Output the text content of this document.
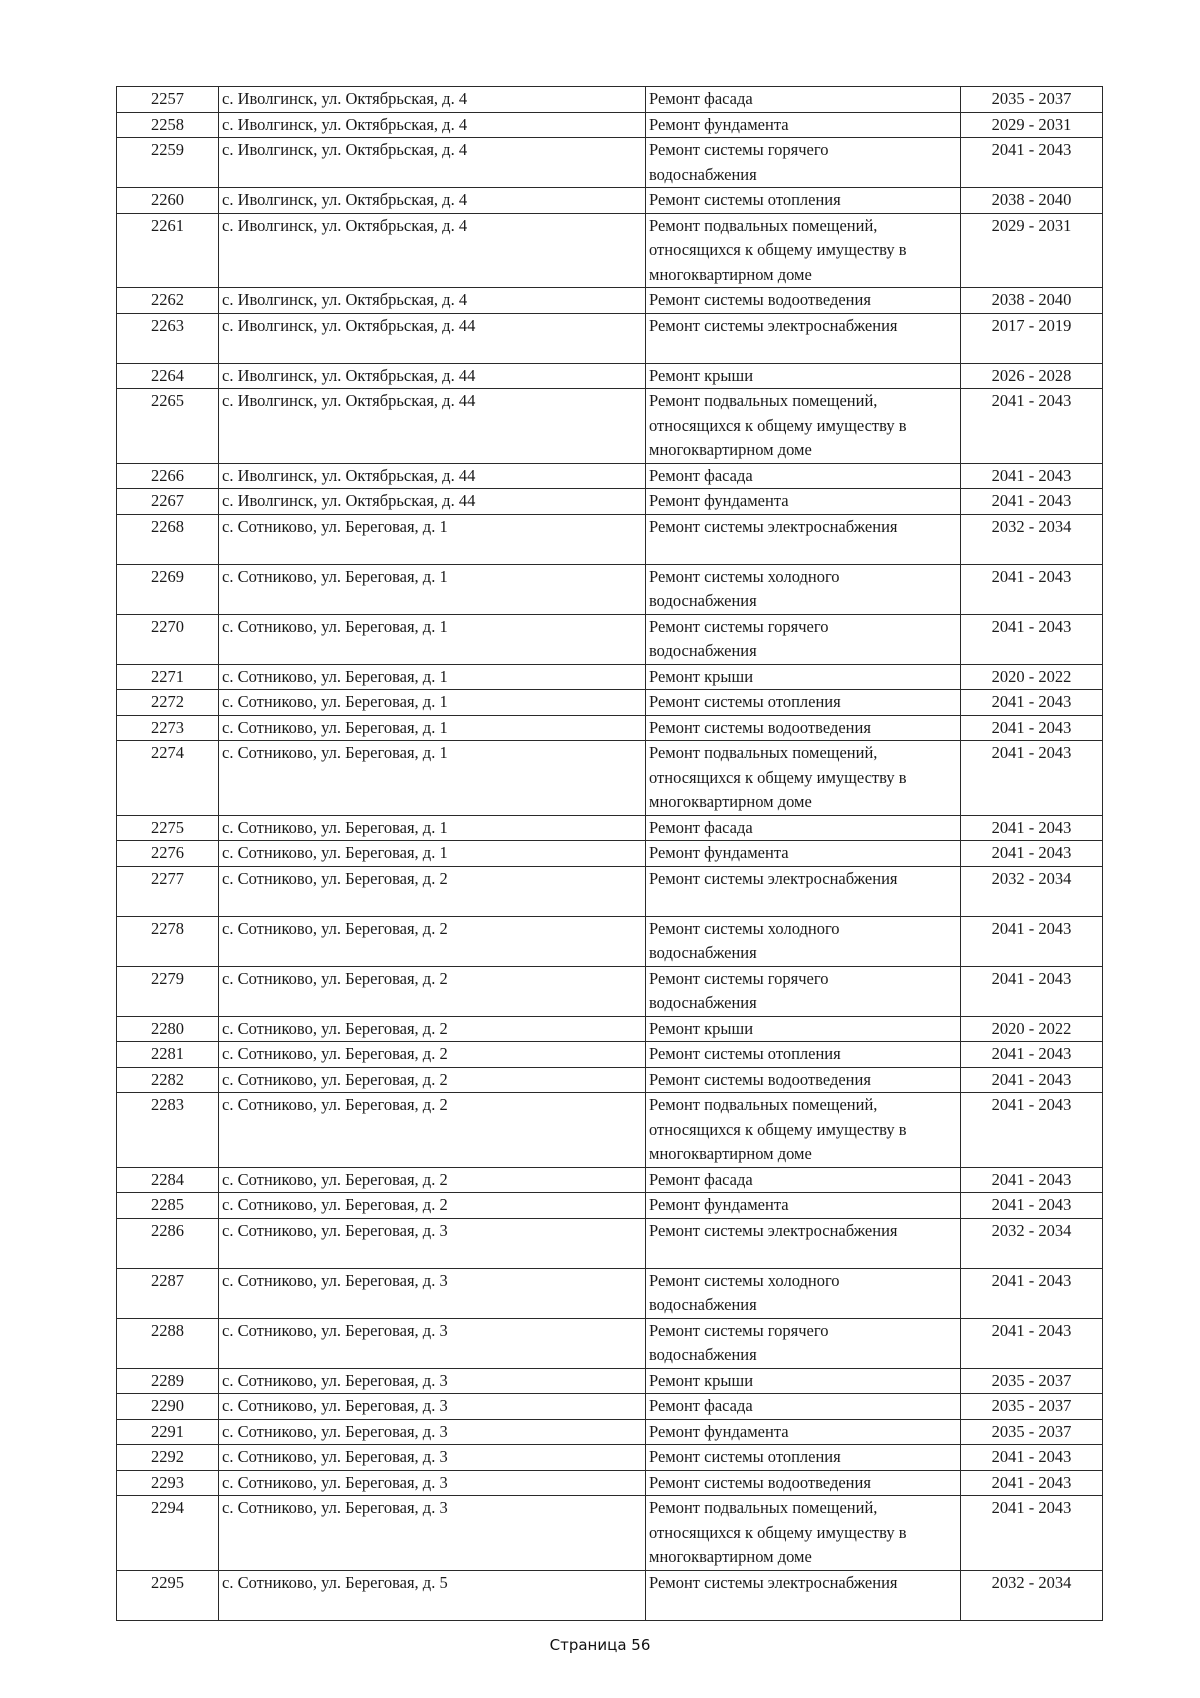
2257	с. Иволгинск, ул. Октябрьская, д. 4	Ремонт фасада	2035 - 2037
2258	с. Иволгинск, ул. Октябрьская, д. 4	Ремонт фундамента	2029 - 2031
2259	с. Иволгинск, ул. Октябрьская, д. 4	Ремонт системы горячего
водоснабжения	2041 - 2043
2260	с. Иволгинск, ул. Октябрьская, д. 4	Ремонт системы отопления	2038 - 2040
2261	с. Иволгинск, ул. Октябрьская, д. 4	Ремонт подвальных помещений,
относящихся к общему имуществу в
многоквартирном доме	2029 - 2031
2262	с. Иволгинск, ул. Октябрьская, д. 4	Ремонт системы водоотведения	2038 - 2040
2263	с. Иволгинск, ул. Октябрьская, д. 44	Ремонт системы электроснабжения	2017 - 2019
2264	с. Иволгинск, ул. Октябрьская, д. 44	Ремонт крыши	2026 - 2028
2265	с. Иволгинск, ул. Октябрьская, д. 44	Ремонт подвальных помещений,
относящихся к общему имуществу в
многоквартирном доме	2041 - 2043
2266	с. Иволгинск, ул. Октябрьская, д. 44	Ремонт фасада	2041 - 2043
2267	с. Иволгинск, ул. Октябрьская, д. 44	Ремонт фундамента	2041 - 2043
2268	с. Сотниково, ул. Береговая, д. 1	Ремонт системы электроснабжения	2032 - 2034
2269	с. Сотниково, ул. Береговая, д. 1	Ремонт системы холодного
водоснабжения	2041 - 2043
2270	с. Сотниково, ул. Береговая, д. 1	Ремонт системы горячего
водоснабжения	2041 - 2043
2271	с. Сотниково, ул. Береговая, д. 1	Ремонт крыши	2020 - 2022
2272	с. Сотниково, ул. Береговая, д. 1	Ремонт системы отопления	2041 - 2043
2273	с. Сотниково, ул. Береговая, д. 1	Ремонт системы водоотведения	2041 - 2043
2274	с. Сотниково, ул. Береговая, д. 1	Ремонт подвальных помещений,
относящихся к общему имуществу в
многоквартирном доме	2041 - 2043
2275	с. Сотниково, ул. Береговая, д. 1	Ремонт фасада	2041 - 2043
2276	с. Сотниково, ул. Береговая, д. 1	Ремонт фундамента	2041 - 2043
2277	с. Сотниково, ул. Береговая, д. 2	Ремонт системы электроснабжения	2032 - 2034
2278	с. Сотниково, ул. Береговая, д. 2	Ремонт системы холодного
водоснабжения	2041 - 2043
2279	с. Сотниково, ул. Береговая, д. 2	Ремонт системы горячего
водоснабжения	2041 - 2043
2280	с. Сотниково, ул. Береговая, д. 2	Ремонт крыши	2020 - 2022
2281	с. Сотниково, ул. Береговая, д. 2	Ремонт системы отопления	2041 - 2043
2282	с. Сотниково, ул. Береговая, д. 2	Ремонт системы водоотведения	2041 - 2043
2283	с. Сотниково, ул. Береговая, д. 2	Ремонт подвальных помещений,
относящихся к общему имуществу в
многоквартирном доме	2041 - 2043
2284	с. Сотниково, ул. Береговая, д. 2	Ремонт фасада	2041 - 2043
2285	с. Сотниково, ул. Береговая, д. 2	Ремонт фундамента	2041 - 2043
2286	с. Сотниково, ул. Береговая, д. 3	Ремонт системы электроснабжения	2032 - 2034
2287	с. Сотниково, ул. Береговая, д. 3	Ремонт системы холодного
водоснабжения	2041 - 2043
2288	с. Сотниково, ул. Береговая, д. 3	Ремонт системы горячего
водоснабжения	2041 - 2043
2289	с. Сотниково, ул. Береговая, д. 3	Ремонт крыши	2035 - 2037
2290	с. Сотниково, ул. Береговая, д. 3	Ремонт фасада	2035 - 2037
2291	с. Сотниково, ул. Береговая, д. 3	Ремонт фундамента	2035 - 2037
2292	с. Сотниково, ул. Береговая, д. 3	Ремонт системы отопления	2041 - 2043
2293	с. Сотниково, ул. Береговая, д. 3	Ремонт системы водоотведения	2041 - 2043
2294	с. Сотниково, ул. Береговая, д. 3	Ремонт подвальных помещений,
относящихся к общему имуществу в
многоквартирном доме	2041 - 2043
2295	с. Сотниково, ул. Береговая, д. 5	Ремонт системы электроснабжения	2032 - 2034
Страница 56
